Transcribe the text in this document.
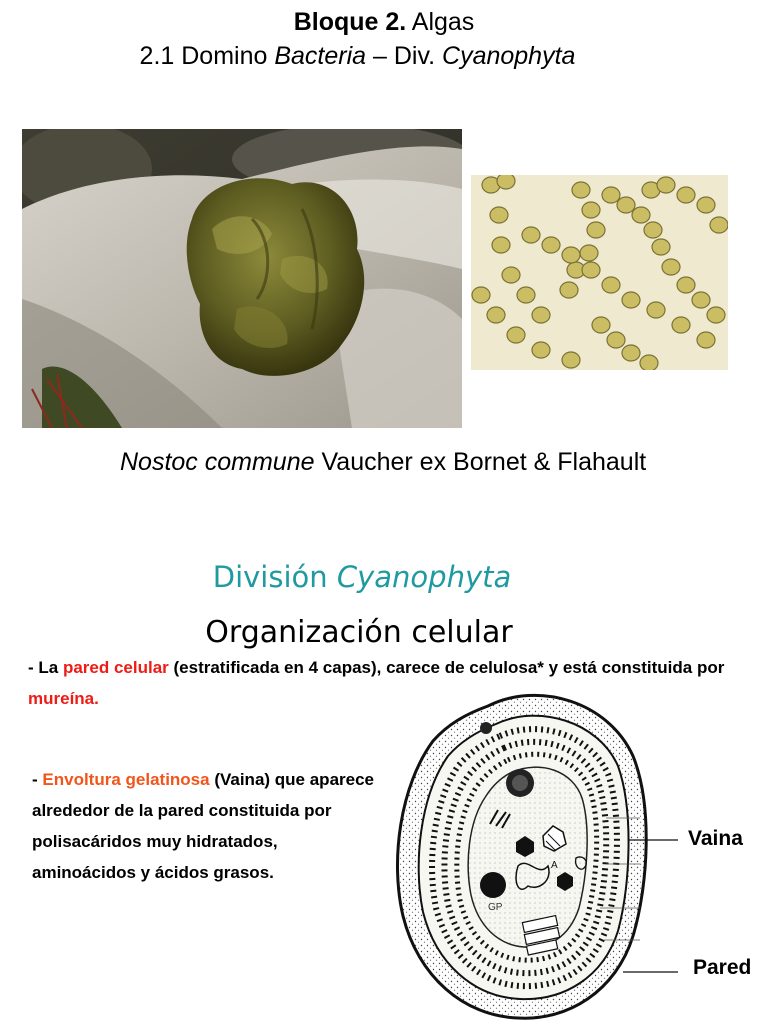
Bloque 2. Algas
2.1 Domino Bacteria – Div. Cyanophyta
Nostoc commune Vaucher ex Bornet & Flahault
División Cyanophyta
Organización celular
- La pared celular (estratificada en 4 capas), carece de celulosa* y está constituida por mureína.
- Envoltura gelatinosa (Vaina) que aparece alrededor de la pared constituida por polisacáridos muy hidratados, aminoácidos y ácidos grasos.	A
GP
Vaina
Pared
